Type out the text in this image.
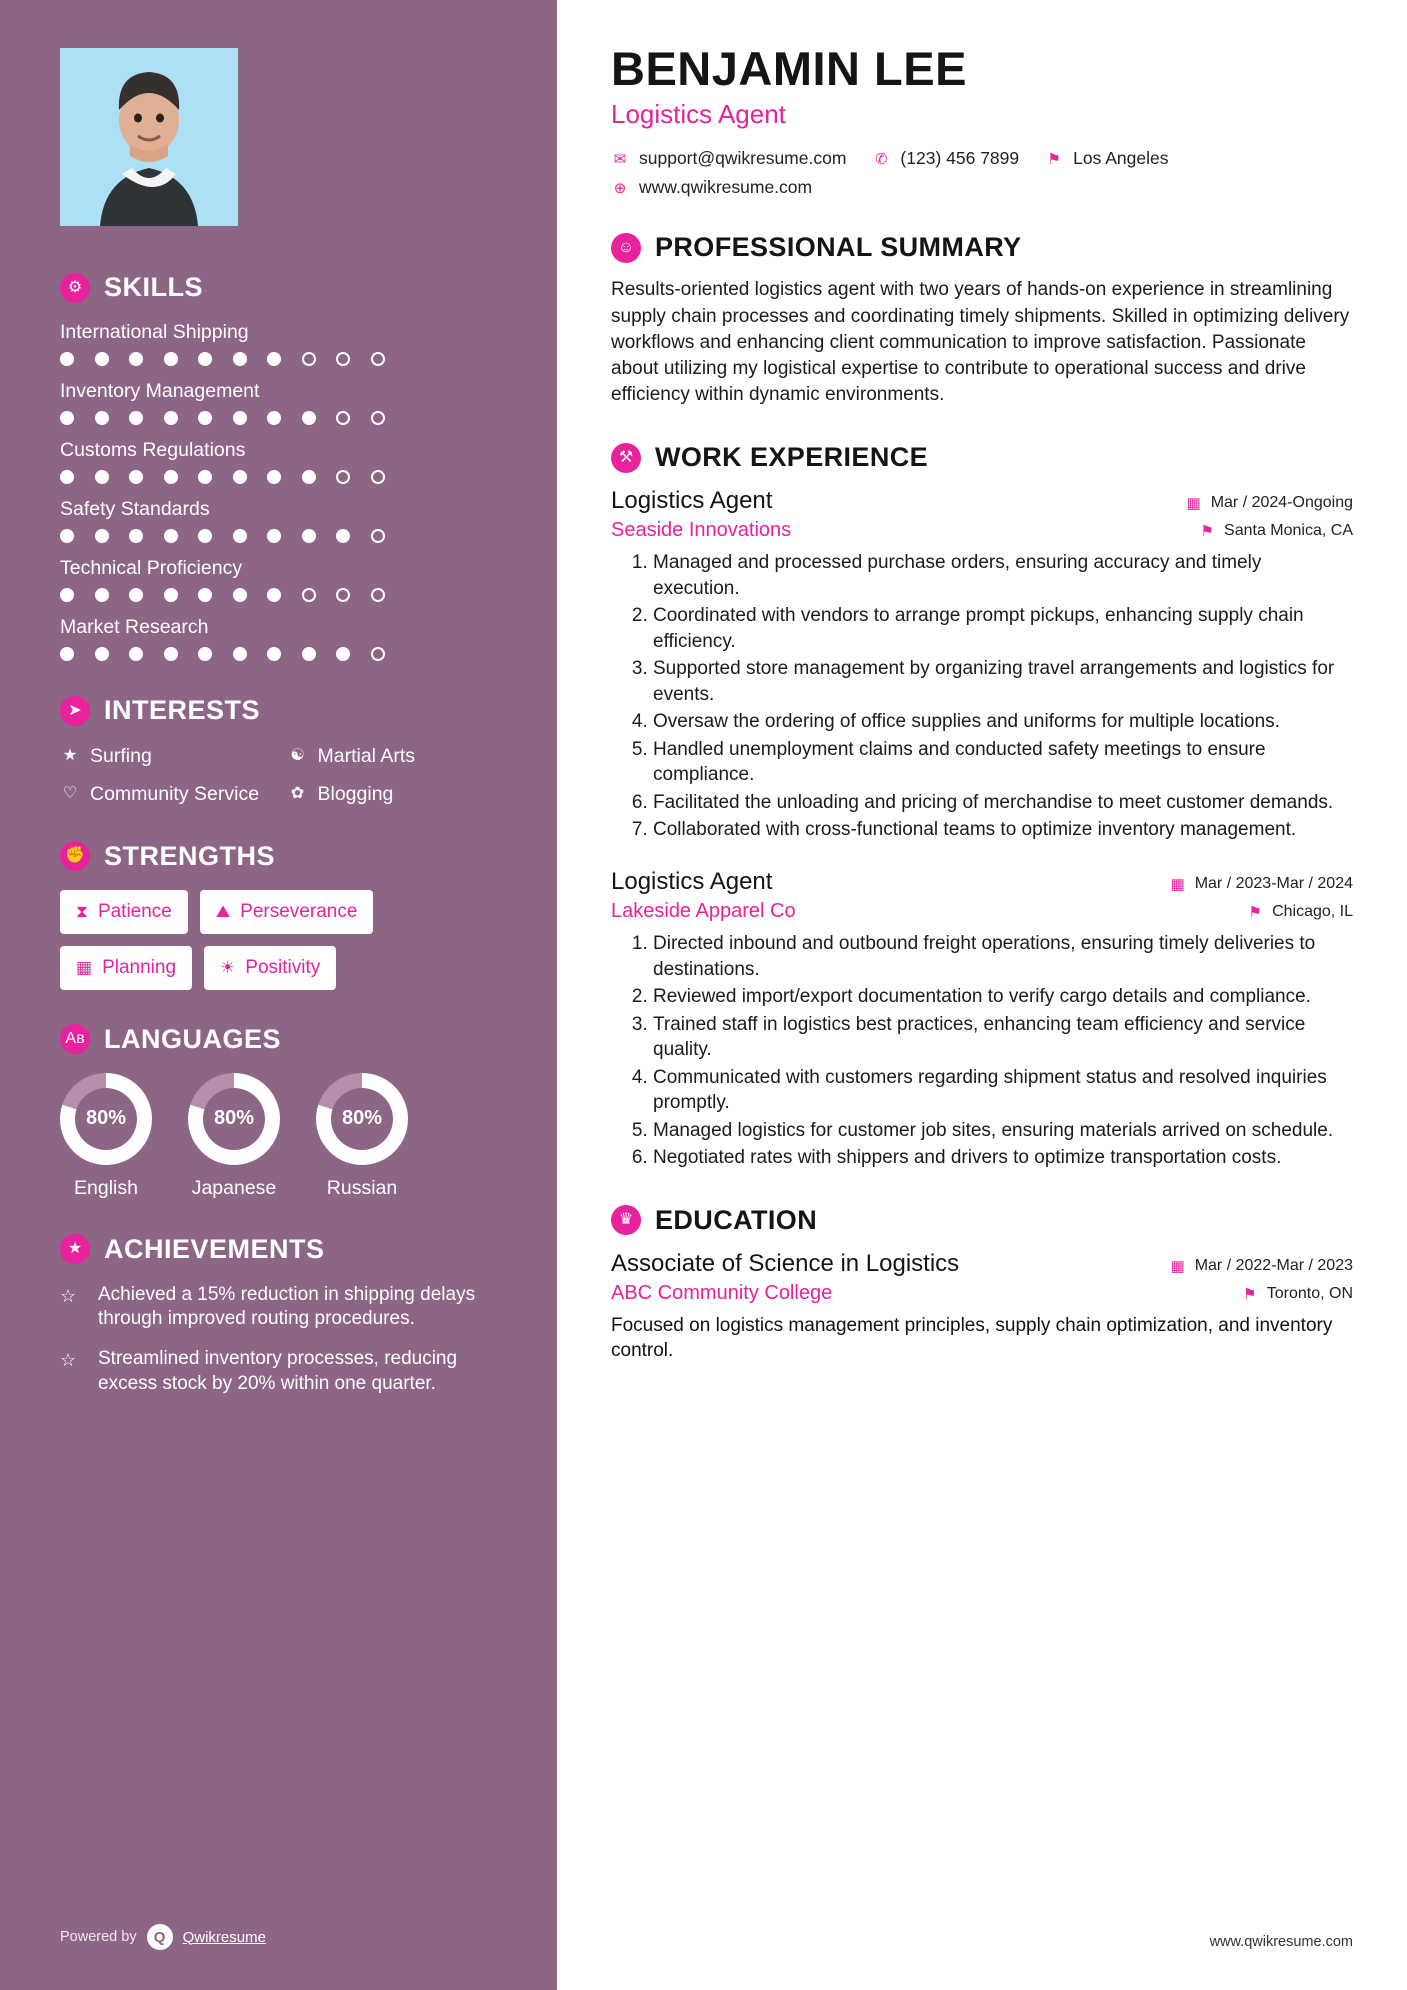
⚙ SKILLS
International Shipping
Inventory Management
Customs Regulations
Safety Standards
Technical Proficiency
Market Research
➤ INTERESTS
★ Surfing	☯ Martial Arts
♡ Community Service ✿ Blogging
✊ STRENGTHS
⧗ Patience	⛰ Perseverance
▦ Planning	☀ Positivity
Aв LANGUAGES
80%
English
80%
Japanese
80%
Russian
★ ACHIEVEMENTS
☆	Achieved a 15% reduction in shipping delays through improved routing procedures.
☆	Streamlined inventory processes, reducing excess stock by 20% within one quarter.
Powered by	Q	Qwikresume
BENJAMIN LEE
Logistics Agent
✉ support@qwikresume.com ✆ (123) 456 7899 ⚑ Los Angeles
⊕ www.qwikresume.com
☺ PROFESSIONAL SUMMARY

Results-oriented logistics agent with two years of hands-on experience in streamlining supply chain processes and coordinating timely shipments. Skilled in optimizing delivery workflows and enhancing client communication to improve satisfaction. Passionate about utilizing my logistical expertise to contribute to operational success and drive efficiency within dynamic environments.

⚒ WORK EXPERIENCE
Logistics Agent	▦ Mar / 2024-Ongoing
Seaside Innovations	⚑ Santa Monica, CA
1. Managed and processed purchase orders, ensuring accuracy and timely execution.
2. Coordinated with vendors to arrange prompt pickups, enhancing supply chain efficiency.
3. Supported store management by organizing travel arrangements and logistics for events.
4. Oversaw the ordering of office supplies and uniforms for multiple locations.
5. Handled unemployment claims and conducted safety meetings to ensure compliance.
6. Facilitated the unloading and pricing of merchandise to meet customer demands.
7. Collaborated with cross-functional teams to optimize inventory management.
Logistics Agent	▦ Mar / 2023-Mar / 2024
Lakeside Apparel Co	⚑ Chicago, IL
1. Directed inbound and outbound freight operations, ensuring timely deliveries to destinations.
2. Reviewed import/export documentation to verify cargo details and compliance.
3. Trained staff in logistics best practices, enhancing team efficiency and service quality.
4. Communicated with customers regarding shipment status and resolved inquiries promptly.
5. Managed logistics for customer job sites, ensuring materials arrived on schedule.
6. Negotiated rates with shippers and drivers to optimize transportation costs.
♛ EDUCATION
Associate of Science in Logistics	▦ Mar / 2022-Mar / 2023
ABC Community College	⚑ Toronto, ON

Focused on logistics management principles, supply chain optimization, and inventory control.

www.qwikresume.com
